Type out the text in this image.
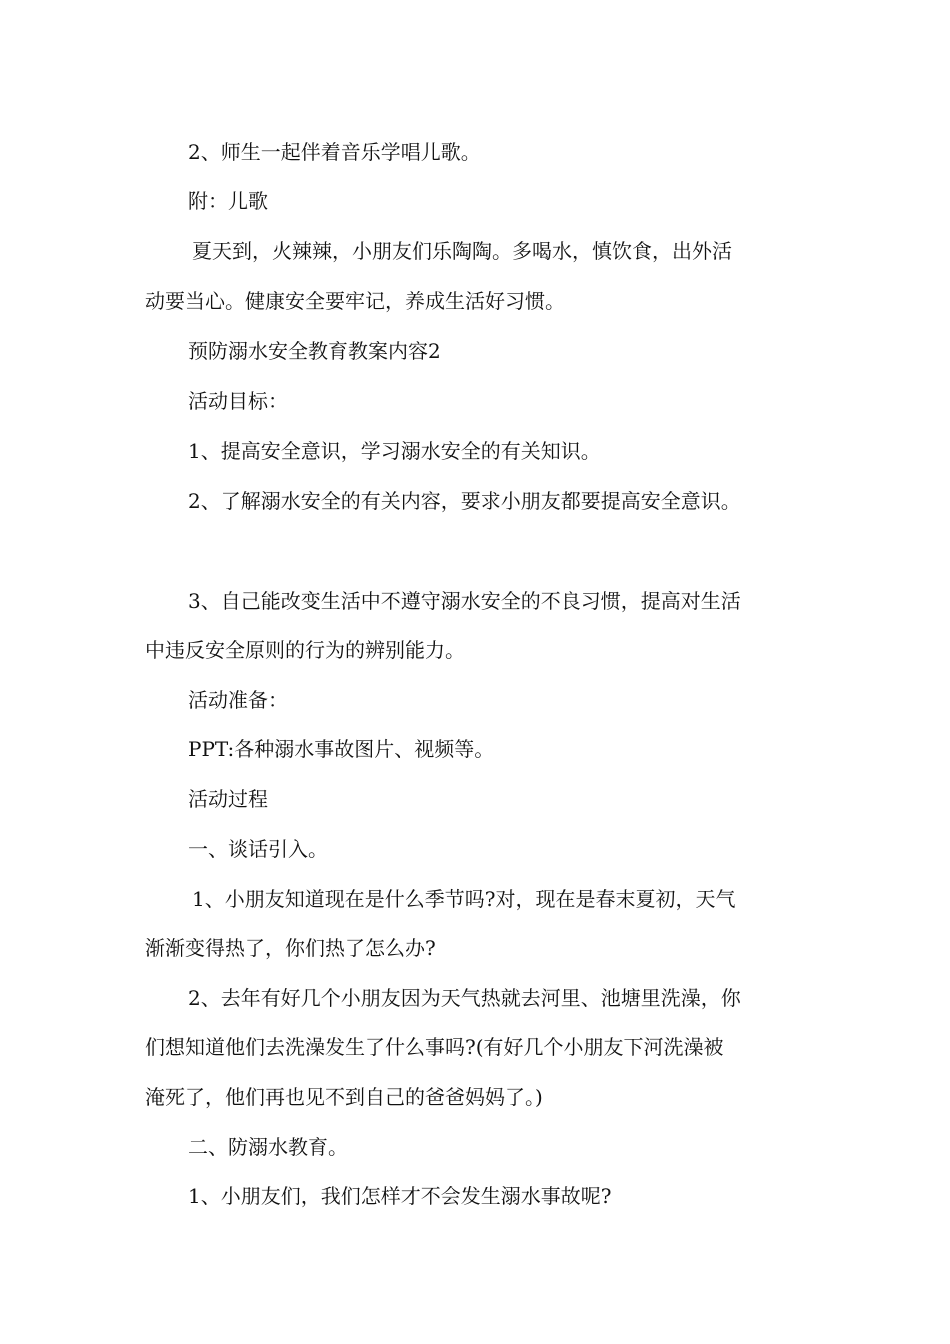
2、师生一起伴着音乐学唱儿歌。
附：儿歌
夏天到，火辣辣，小朋友们乐陶陶。多喝水，慎饮食，出外活
动要当心。健康安全要牢记，养成生活好习惯。
预防溺水安全教育教案内容2
活动目标：
1、提高安全意识，学习溺水安全的有关知识。
2、了解溺水安全的有关内容，要求小朋友都要提高安全意识。
3、自己能改变生活中不遵守溺水安全的不良习惯，提高对生活
中违反安全原则的行为的辨别能力。
活动准备：
PPT:各种溺水事故图片、视频等。
活动过程
一、谈话引入。
1、小朋友知道现在是什么季节吗?对，现在是春末夏初，天气
渐渐变得热了，你们热了怎么办?
2、去年有好几个小朋友因为天气热就去河里、池塘里洗澡，你
们想知道他们去洗澡发生了什么事吗?(有好几个小朋友下河洗澡被
淹死了，他们再也见不到自己的爸爸妈妈了。)
二、防溺水教育。
1、小朋友们，我们怎样才不会发生溺水事故呢?
